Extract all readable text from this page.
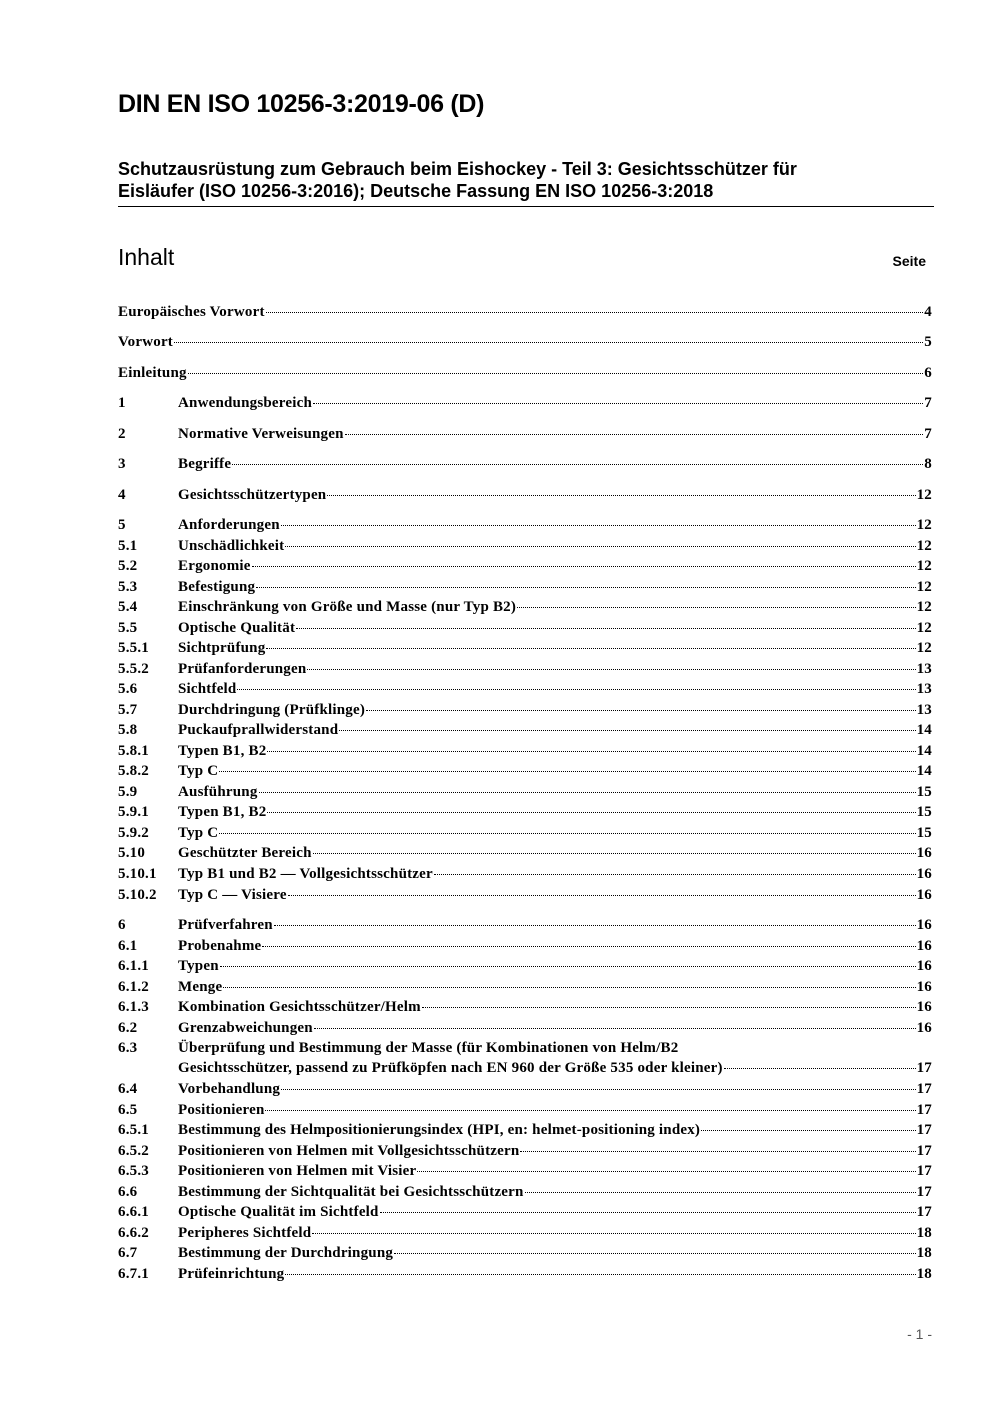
DIN EN ISO 10256-3:2019-06 (D)
Schutzausrüstung zum Gebrauch beim Eishockey - Teil 3: Gesichtsschützer für
Eisläufer (ISO 10256-3:2016); Deutsche Fassung EN ISO 10256-3:2018
Inhalt	Seite
Europäisches Vorwort	4
Vorwort	5
Einleitung	6
1	Anwendungsbereich	7
2	Normative Verweisungen	7
3	Begriffe	8
4	Gesichtsschützertypen	12
5	Anforderungen	12
5.1	Unschädlichkeit	12
5.2	Ergonomie	12
5.3	Befestigung	12
5.4	Einschränkung von Größe und Masse (nur Typ B2)	12
5.5	Optische Qualität	12
5.5.1	Sichtprüfung	12
5.5.2	Prüfanforderungen	13
5.6	Sichtfeld	13
5.7	Durchdringung (Prüfklinge)	13
5.8	Puckaufprallwiderstand	14
5.8.1	Typen B1, B2	14
5.8.2	Typ C	14
5.9	Ausführung	15
5.9.1	Typen B1, B2	15
5.9.2	Typ C	15
5.10	Geschützter Bereich	16
5.10.1	Typ B1 und B2 — Vollgesichtsschützer	16
5.10.2	Typ C — Visiere	16
6	Prüfverfahren	16
6.1	Probenahme	16
6.1.1	Typen	16
6.1.2	Menge	16
6.1.3	Kombination Gesichtsschützer/Helm	16
6.2	Grenzabweichungen	16
6.3	Überprüfung und Bestimmung der Masse (für Kombinationen von Helm/B2
Gesichtsschützer, passend zu Prüfköpfen nach EN 960 der Größe 535 oder kleiner)	17
6.4	Vorbehandlung	17
6.5	Positionieren	17
6.5.1	Bestimmung des Helmpositionierungsindex (HPI, en: helmet-positioning index)	17
6.5.2	Positionieren von Helmen mit Vollgesichtsschützern	17
6.5.3	Positionieren von Helmen mit Visier	17
6.6	Bestimmung der Sichtqualität bei Gesichtsschützern	17
6.6.1	Optische Qualität im Sichtfeld	17
6.6.2	Peripheres Sichtfeld	18
6.7	Bestimmung der Durchdringung	18
6.7.1	Prüfeinrichtung	18
- 1 -
